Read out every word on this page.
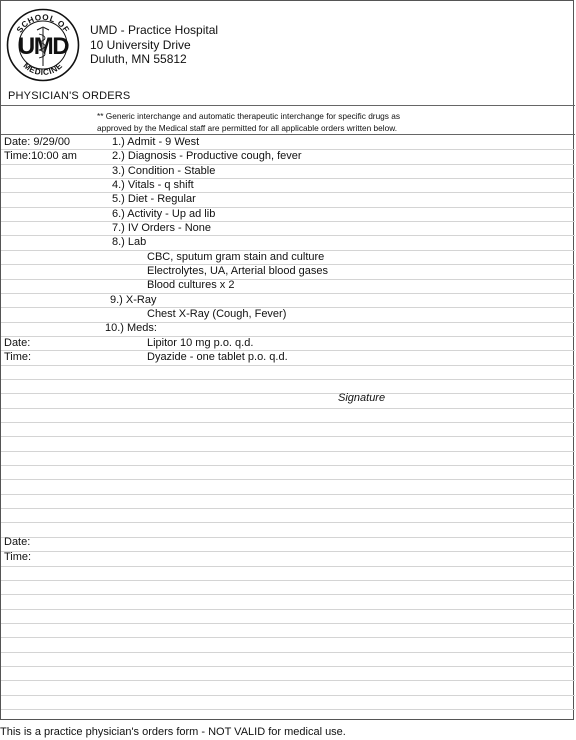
SCHOOL OF
MEDICINE
UMD
UMD - Practice Hospital
10 University Drive
Duluth, MN 55812
PHYSICIAN'S ORDERS
** Generic interchange and automatic therapeutic interchange for specific drugs as
approved by the Medical staff are permitted for all applicable orders written below.
Date: 9/29/00	1.) Admit - 9 West
Time:10:00 am	2.) Diagnosis - Productive cough, fever
3.) Condition - Stable
4.) Vitals - q shift
5.) Diet - Regular
6.) Activity - Up ad lib
7.) IV Orders - None
8.) Lab
CBC, sputum gram stain and culture
Electrolytes, UA, Arterial blood gases
Blood cultures x 2
9.) X-Ray
Chest X-Ray (Cough, Fever)
10.) Meds:
Date:	Lipitor 10 mg p.o. q.d.
Time:	Dyazide - one tablet p.o. q.d.
Signature
Date:
Time:
This is a practice physician's orders form - NOT VALID for medical use.
